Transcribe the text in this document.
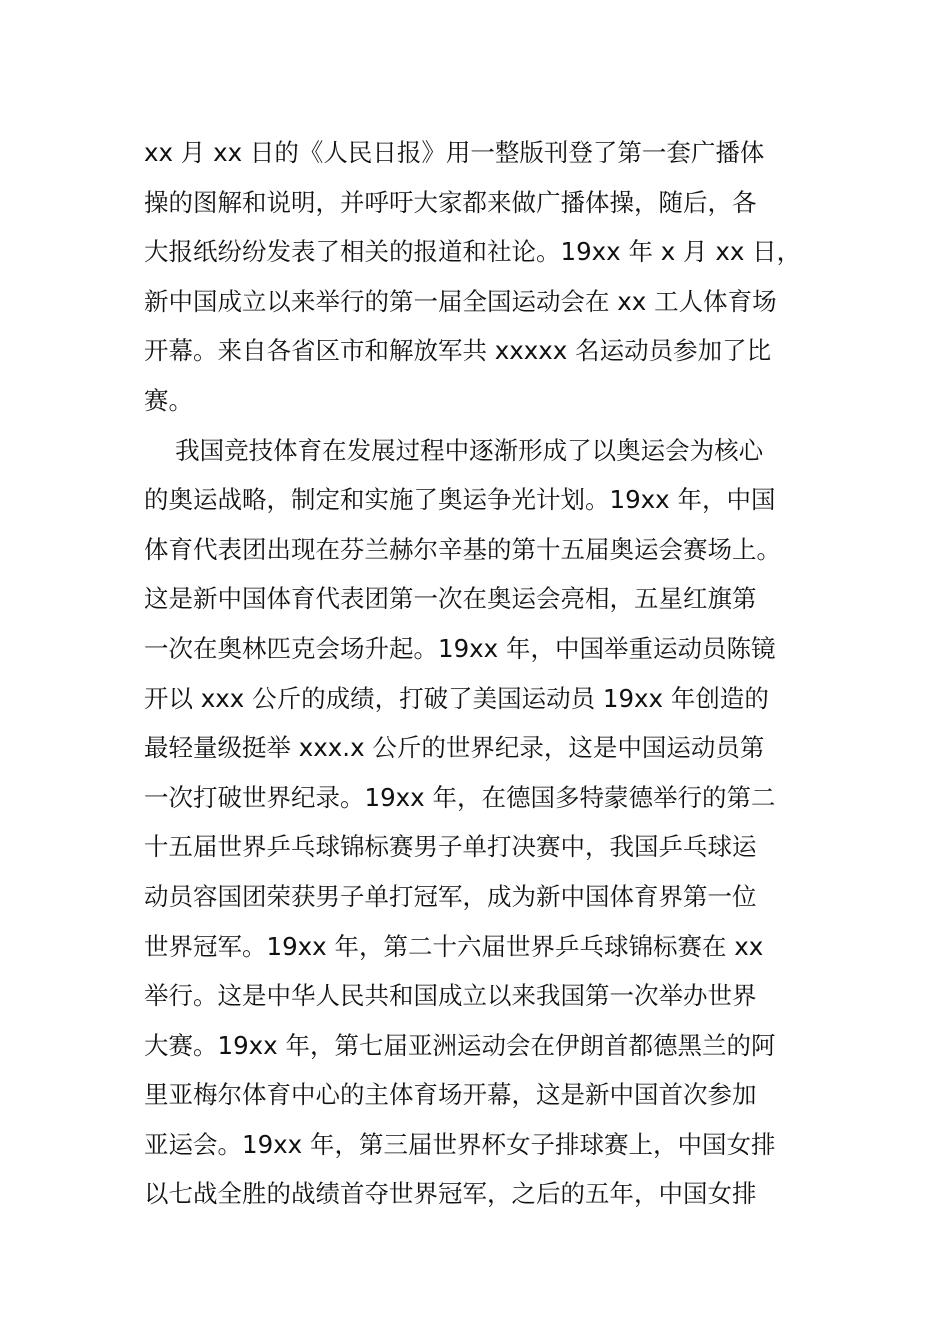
xx 月 xx 日的《人民日报》用一整版刊登了第一套广播体
操的图解和说明，并呼吁大家都来做广播体操，随后，各
大报纸纷纷发表了相关的报道和社论。19xx 年 x 月 xx 日，
新中国成立以来举行的第一届全国运动会在 xx 工人体育场
开幕。来自各省区市和解放军共 xxxxx 名运动员参加了比
赛。
我国竞技体育在发展过程中逐渐形成了以奥运会为核心
的奥运战略，制定和实施了奥运争光计划。19xx 年，中国
体育代表团出现在芬兰赫尔辛基的第十五届奥运会赛场上。
这是新中国体育代表团第一次在奥运会亮相，五星红旗第
一次在奥林匹克会场升起。19xx 年，中国举重运动员陈镜
开以 xxx 公斤的成绩，打破了美国运动员 19xx 年创造的
最轻量级挺举 xxx.x 公斤的世界纪录，这是中国运动员第
一次打破世界纪录。19xx 年，在德国多特蒙德举行的第二
十五届世界乒乓球锦标赛男子单打决赛中，我国乒乓球运
动员容国团荣获男子单打冠军，成为新中国体育界第一位
世界冠军。19xx 年，第二十六届世界乒乓球锦标赛在 xx
举行。这是中华人民共和国成立以来我国第一次举办世界
大赛。19xx 年，第七届亚洲运动会在伊朗首都德黑兰的阿
里亚梅尔体育中心的主体育场开幕，这是新中国首次参加
亚运会。19xx 年，第三届世界杯女子排球赛上，中国女排
以七战全胜的战绩首夺世界冠军，之后的五年，中国女排
